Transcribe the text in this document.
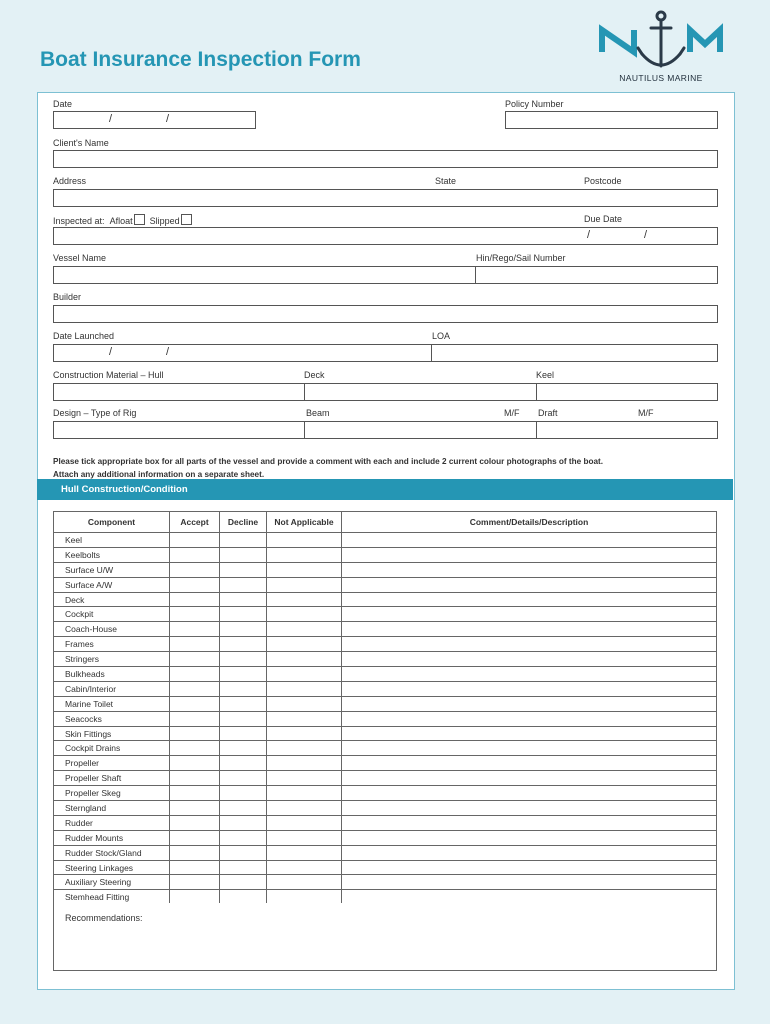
Boat Insurance Inspection Form
NAUTILUS MARINE
Date
/	/
Policy Number
Client's Name
Address	State	Postcode
Inspected at: Afloat Slipped	Due Date
/	/
Vessel Name	Hin/Rego/Sail Number
Builder
Date Launched	LOA
/	/
Construction Material – Hull	Deck	Keel
Design – Type of Rig	Beam	M/F Draft	M/F
Please tick appropriate box for all parts of the vessel and provide a comment with each and include 2 current colour photographs of the boat.
Attach any additional information on a separate sheet.
Hull Construction/Condition
Component	Accept	Decline	Not Applicable	Comment/Details/Description
Keel				
Keelbolts				
Surface U/W				
Surface A/W				
Deck				
Cockpit				
Coach-House				
Frames				
Stringers				
Bulkheads				
Cabin/Interior				
Marine Toilet				
Seacocks				
Skin Fittings				
Cockpit Drains				
Propeller				
Propeller Shaft				
Propeller Skeg				
Sterngland				
Rudder				
Rudder Mounts				
Rudder Stock/Gland				
Steering Linkages				
Auxiliary Steering				
Stemhead Fitting				
Recommendations:
